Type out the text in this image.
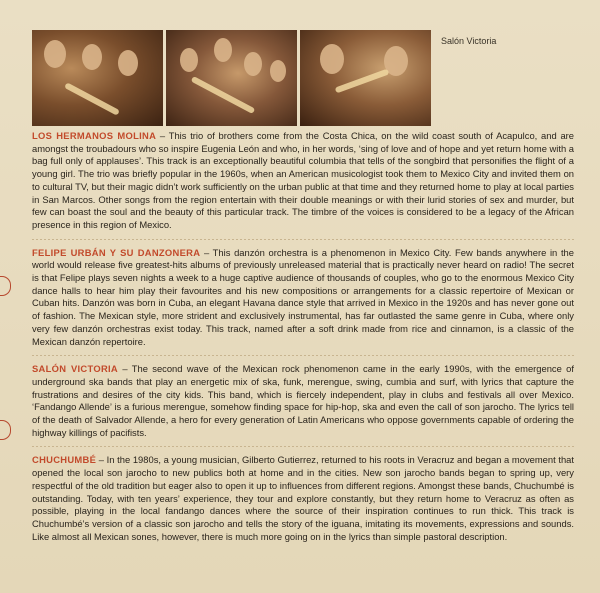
Salón Victoria

LOS HERMANOS MOLINA – This trio of brothers come from the Costa Chica, on the wild coast south of Acapulco, and are amongst the troubadours who so inspire Eugenia León and who, in her words, ‘sing of love and of hope and yet return home with a bag full only of applauses’. This track is an exceptionally beautiful columbia that tells of the songbird that personifies the flight of a young girl. The trio was briefly popular in the 1960s, when an American musicologist took them to Mexico City and invited them on to cultural TV, but their magic didn’t work sufficiently on the urban public at that time and they returned home to play at local parties in San Marcos. Other songs from the region entertain with their double meanings or with their lurid stories of sex and murder, but few can boast the soul and the beauty of this particular track. The timbre of the voices is considered to be a legacy of the African presence in this region of Mexico.

FELIPE URBÁN Y SU DANZONERA – This danzón orchestra is a phenomenon in Mexico City. Few bands anywhere in the world would release five greatest-hits albums of previously unreleased material that is practically never heard on radio! The secret is that Felipe plays seven nights a week to a huge captive audience of thousands of couples, who go to the enormous Mexico City dance halls to hear him play their favourites and his new compositions or arrangements for a classic repertoire of Mexican or Cuban hits. Danzón was born in Cuba, an elegant Havana dance style that arrived in Mexico in the 1920s and has never gone out of fashion. The Mexican style, more strident and exclusively instrumental, has far outlasted the same genre in Cuba, where only very few danzón orchestras exist today. This track, named after a soft drink made from rice and cinnamon, is a classic of the Mexican danzón repertoire.

SALÓN VICTORIA – The second wave of the Mexican rock phenomenon came in the early 1990s, with the emergence of underground ska bands that play an energetic mix of ska, funk, merengue, swing, cumbia and surf, with lyrics that capture the frustrations and desires of the city kids. This band, which is fiercely independent, play in clubs and festivals all over Mexico. ‘Fandango Allende’ is a furious merengue, somehow finding space for hip-hop, ska and even the call of son jarocho. The lyrics tell of the death of Salvador Allende, a hero for every generation of Latin Americans who oppose governments capable of ordering the highway killings of pacifists.

CHUCHUMBÉ – In the 1980s, a young musician, Gilberto Gutierrez, returned to his roots in Veracruz and began a movement that opened the local son jarocho to new publics both at home and in the cities. New son jarocho bands began to spring up, very respectful of the old tradition but eager also to open it up to influences from different regions. Amongst these bands, Chuchumbé is outstanding. Today, with ten years’ experience, they tour and explore constantly, but they return home to Veracruz as often as possible, playing in the local fandango dances where the source of their inspiration continues to run thick. This track is Chuchumbé’s version of a classic son jarocho and tells the story of the iguana, imitating its movements, expressions and sounds. Like almost all Mexican sones, however, there is much more going on in the lyrics than simple pastoral description.
